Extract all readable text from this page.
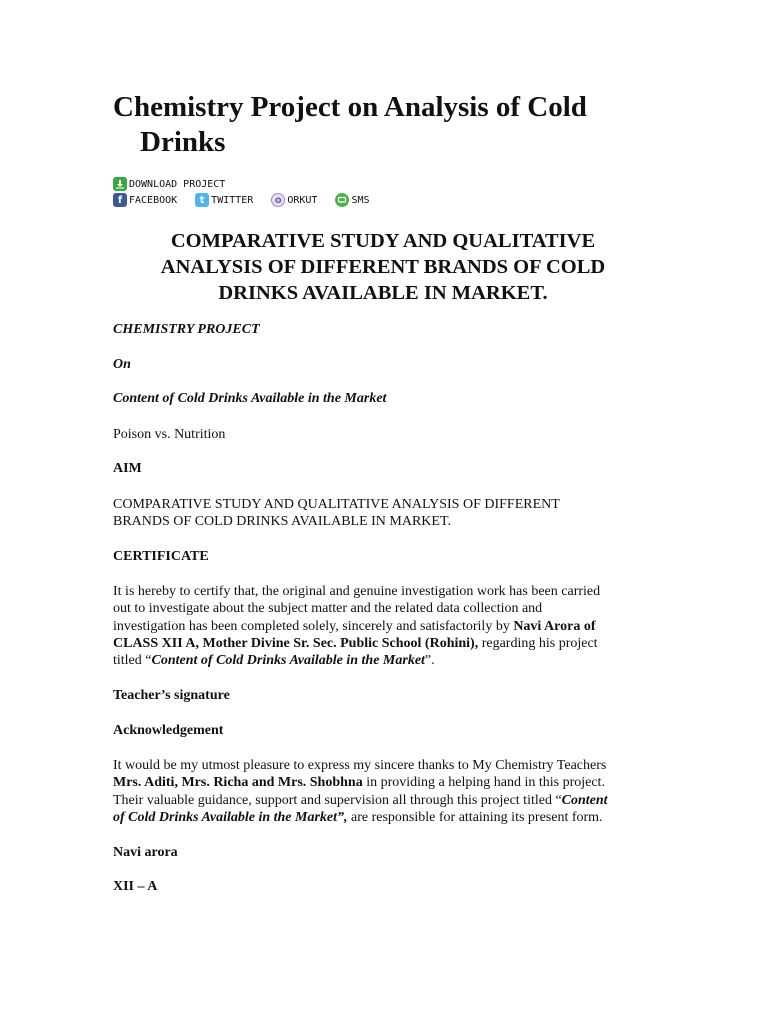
Chemistry Project on Analysis of Cold
Drinks
DOWNLOAD PROJECT
f FACEBOOK	t TWITTER	o ORKUT	SMS
COMPARATIVE STUDY AND QUALITATIVE
ANALYSIS OF DIFFERENT BRANDS OF COLD
DRINKS AVAILABLE IN MARKET.

CHEMISTRY PROJECT

On

Content of Cold Drinks Available in the Market

Poison vs. Nutrition

AIM

COMPARATIVE STUDY AND QUALITATIVE ANALYSIS OF DIFFERENT
BRANDS OF COLD DRINKS AVAILABLE IN MARKET.

CERTIFICATE

It is hereby to certify that, the original and genuine investigation work has been carried
out to investigate about the subject matter and the related data collection and
investigation has been completed solely, sincerely and satisfactorily by Navi Arora of
CLASS XII A, Mother Divine Sr. Sec. Public School (Rohini), regarding his project
titled “Content of Cold Drinks Available in the Market”.

Teacher’s signature

Acknowledgement

It would be my utmost pleasure to express my sincere thanks to My Chemistry Teachers
Mrs. Aditi, Mrs. Richa and Mrs. Shobhna in providing a helping hand in this project.
Their valuable guidance, support and supervision all through this project titled “Content
of Cold Drinks Available in the Market”, are responsible for attaining its present form.

Navi arora

XII – A
